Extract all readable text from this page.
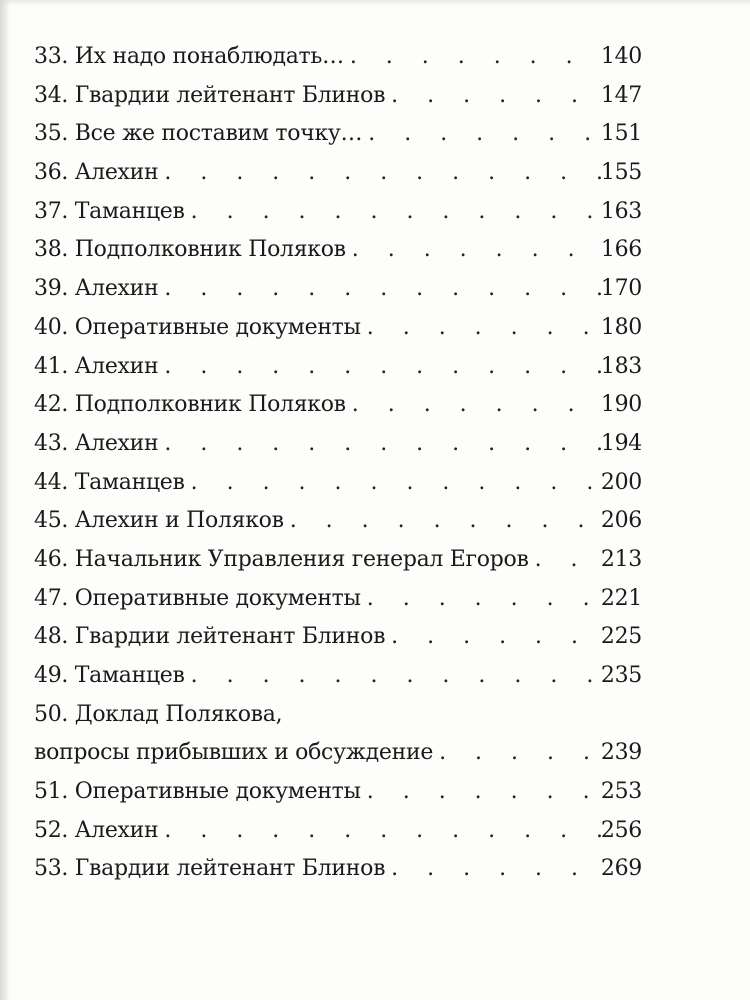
33. Их надо понаблюдать… . .	140
34. Гвардии лейтенант Блинов . .	147
35. Все же поставим точку… . .	151
36. Алехин . .	155
37. Таманцев . .	163
38. Подполковник Поляков . .	166
39. Алехин . .	170
40. Оперативные документы . .	180
41. Алехин . .	183
42. Подполковник Поляков . .	190
43. Алехин . .	194
44. Таманцев . .	200
45. Алехин и Поляков . .	206
46. Начальник Управления генерал Егоров . .	213
47. Оперативные документы . .	221
48. Гвардии лейтенант Блинов . .	225
49. Таманцев . .	235
50. Доклад Полякова,
вопросы прибывших и обсуждение . .	239
51. Оперативные документы . .	253
52. Алехин . .	256
53. Гвардии лейтенант Блинов . .	269
